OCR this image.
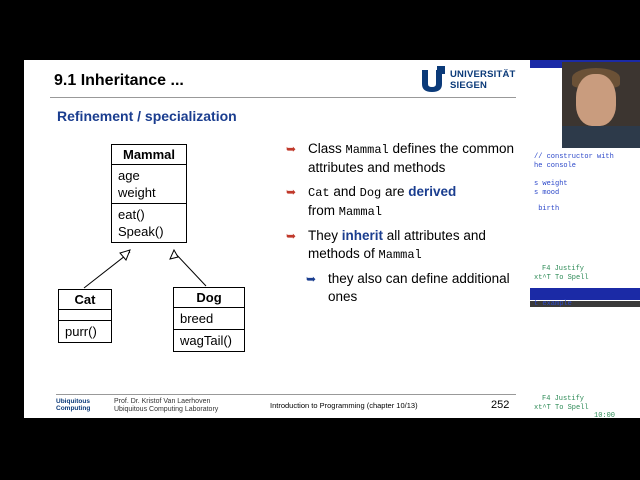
9.1 Inheritance ...	UNIVERSITÄT
SIEGEN
Refinement / specialization
Mammal
age
weight
eat()
Speak()
Cat
purr()
Dog
breed
wagTail()
➥ Class Mammal defines the common attributes and methods
➥ Cat and Dog are derived
from Mammal
➥ They inherit all attributes and methods of Mammal
➥ they also can define additional ones
Ubiquitous
Computing
Prof. Dr. Kristof Van Laerhoven
Ubiquitous Computing Laboratory	Introduction to Programming (chapter 10/13)	252
// constructor with
he console
s weight
s mood
birth
F4 Justify
xt^T To Spell
t example
F4 Justify
xt^T To Spell
10:00
